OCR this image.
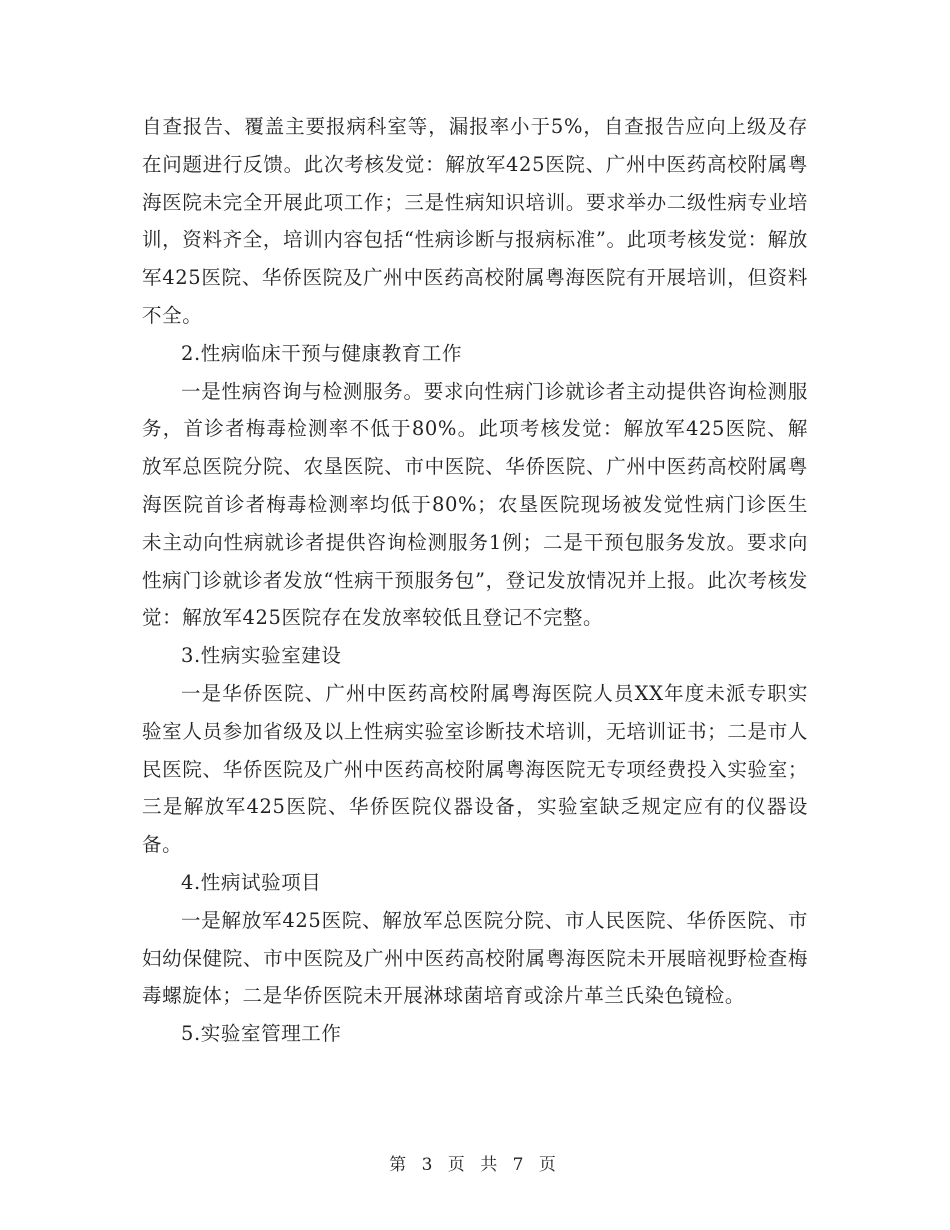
自查报告、覆盖主要报病科室等，漏报率小于5%，自查报告应向上级及存在问题进行反馈。此次考核发觉：解放军425医院、广州中医药高校附属粤海医院未完全开展此项工作；三是性病知识培训。要求举办二级性病专业培训，资料齐全，培训内容包括“性病诊断与报病标准”。此项考核发觉：解放军425医院、华侨医院及广州中医药高校附属粤海医院有开展培训，但资料不全。

2.性病临床干预与健康教育工作

一是性病咨询与检测服务。要求向性病门诊就诊者主动提供咨询检测服务，首诊者梅毒检测率不低于80%。此项考核发觉：解放军425医院、解放军总医院分院、农垦医院、市中医院、华侨医院、广州中医药高校附属粤海医院首诊者梅毒检测率均低于80%；农垦医院现场被发觉性病门诊医生未主动向性病就诊者提供咨询检测服务1例；二是干预包服务发放。要求向性病门诊就诊者发放“性病干预服务包”，登记发放情况并上报。此次考核发觉：解放军425医院存在发放率较低且登记不完整。

3.性病实验室建设

一是华侨医院、广州中医药高校附属粤海医院人员XX年度未派专职实验室人员参加省级及以上性病实验室诊断技术培训，无培训证书；二是市人民医院、华侨医院及广州中医药高校附属粤海医院无专项经费投入实验室；三是解放军425医院、华侨医院仪器设备，实验室缺乏规定应有的仪器设备。

4.性病试验项目

一是解放军425医院、解放军总医院分院、市人民医院、华侨医院、市妇幼保健院、市中医院及广州中医药高校附属粤海医院未开展暗视野检查梅毒螺旋体；二是华侨医院未开展淋球菌培育或涂片革兰氏染色镜检。

5.实验室管理工作

第 3 页 共 7 页
